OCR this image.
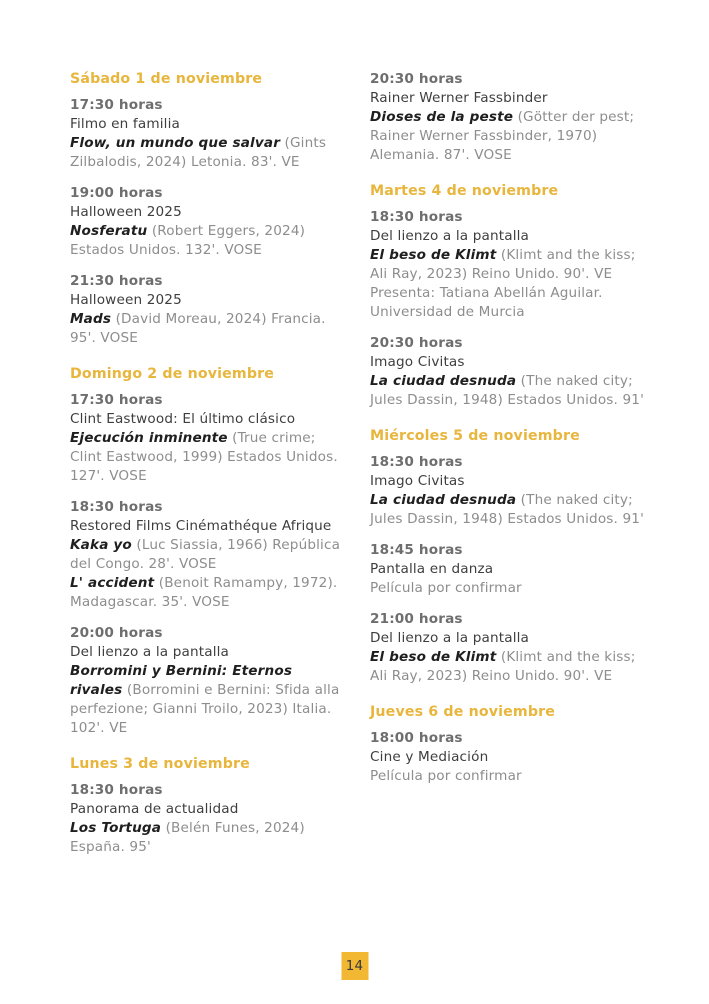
Sábado 1 de noviembre
17:30 horas
Filmo en familia

Flow, un mundo que salvar (Gints Zilbalodis, 2024) Letonia. 83'. VE

19:00 horas
Halloween 2025

Nosferatu (Robert Eggers, 2024) Estados Unidos. 132'. VOSE

21:30 horas
Halloween 2025

Mads (David Moreau, 2024) Francia. 95'. VOSE

Domingo 2 de noviembre
17:30 horas
Clint Eastwood: El último clásico

Ejecución inminente (True crime; Clint Eastwood, 1999) Estados Unidos. 127'. VOSE

18:30 horas
Restored Films Cinémathéque Afrique

Kaka yo (Luc Siassia, 1966) República del Congo. 28'. VOSE

L' accident (Benoit Ramampy, 1972). Madagascar. 35'. VOSE

20:00 horas
Del lienzo a la pantalla

Borromini y Bernini: Eternos rivales (Borromini e Bernini: Sfida alla perfezione; Gianni Troilo, 2023) Italia. 102'. VE

Lunes 3 de noviembre
18:30 horas
Panorama de actualidad

Los Tortuga (Belén Funes, 2024) España. 95'

20:30 horas
Rainer Werner Fassbinder

Dioses de la peste (Götter der pest; Rainer Werner Fassbinder, 1970) Alemania. 87'. VOSE

Martes 4 de noviembre
18:30 horas
Del lienzo a la pantalla

El beso de Klimt (Klimt and the kiss; Ali Ray, 2023) Reino Unido. 90'. VE

Presenta: Tatiana Abellán Aguilar. Universidad de Murcia
20:30 horas
Imago Civitas

La ciudad desnuda (The naked city; Jules Dassin, 1948) Estados Unidos. 91'

Miércoles 5 de noviembre
18:30 horas
Imago Civitas

La ciudad desnuda (The naked city; Jules Dassin, 1948) Estados Unidos. 91'

18:45 horas
Pantalla en danza
Película por confirmar
21:00 horas
Del lienzo a la pantalla

El beso de Klimt (Klimt and the kiss; Ali Ray, 2023) Reino Unido. 90'. VE

Jueves 6 de noviembre
18:00 horas
Cine y Mediación
Película por confirmar
14
